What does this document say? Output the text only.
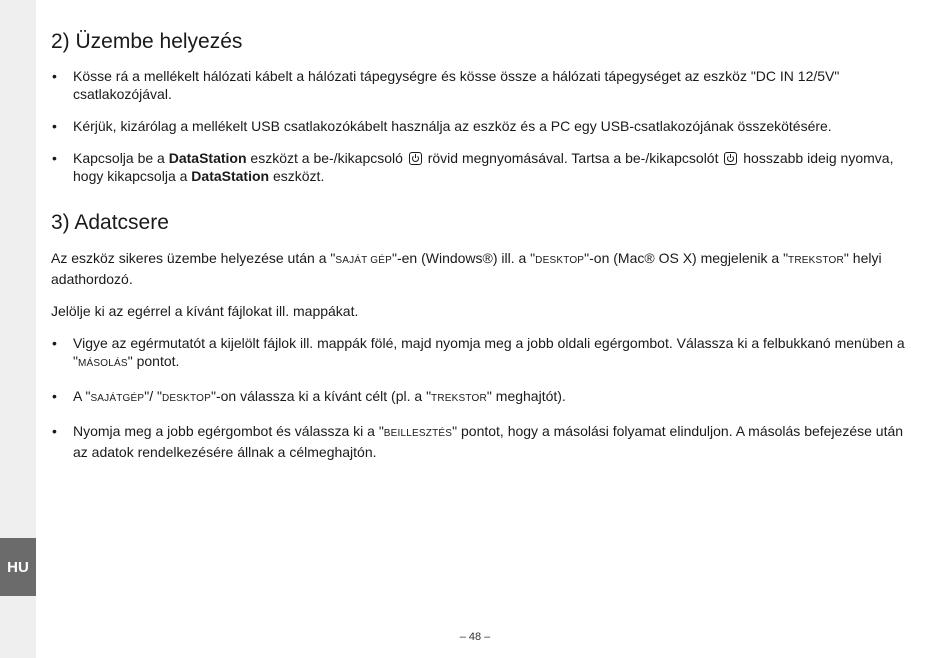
HU
2) Üzembe helyezés
• Kösse rá a mellékelt hálózati kábelt a hálózati tápegységre és kösse össze a hálózati tápegységet az eszköz "DC IN 12/5V" csatlakozójával.
• Kérjük, kizárólag a mellékelt USB csatlakozókábelt használja az eszköz és a PC egy USB-csatlakozójának összekötésére.
• Kapcsolja be a DataStation eszközt a be-/kikapcsoló  rövid megnyomásával. Tartsa a be-/kikapcsolót  hosszabb ideig nyomva, hogy kikapcsolja a DataStation eszközt.
3) Adatcsere

Az eszköz sikeres üzembe helyezése után a "SAJÁT GÉP"-en (Windows®) ill. a "DESKTOP"-on (Mac® OS X) megjelenik a "TREKSTOR" helyi adathordozó.

Jelölje ki az egérrel a kívánt fájlokat ill. mappákat.

• Vigye az egérmutatót a kijelölt fájlok ill. mappák fölé, majd nyomja meg a jobb oldali egérgombot. Válassza ki a felbukkanó menüben a "MÁSOLÁS" pontot.
• A "SAJÁTGÉP"/ "DESKTOP"-on válassza ki a kívánt célt (pl. a "TREKSTOR" meghajtót).
• Nyomja meg a jobb egérgombot és válassza ki a "BEILLESZTÉS" pontot, hogy a másolási folyamat elinduljon. A másolás befejezése után az adatok rendelkezésére állnak a célmeghajtón.
– 48 –
